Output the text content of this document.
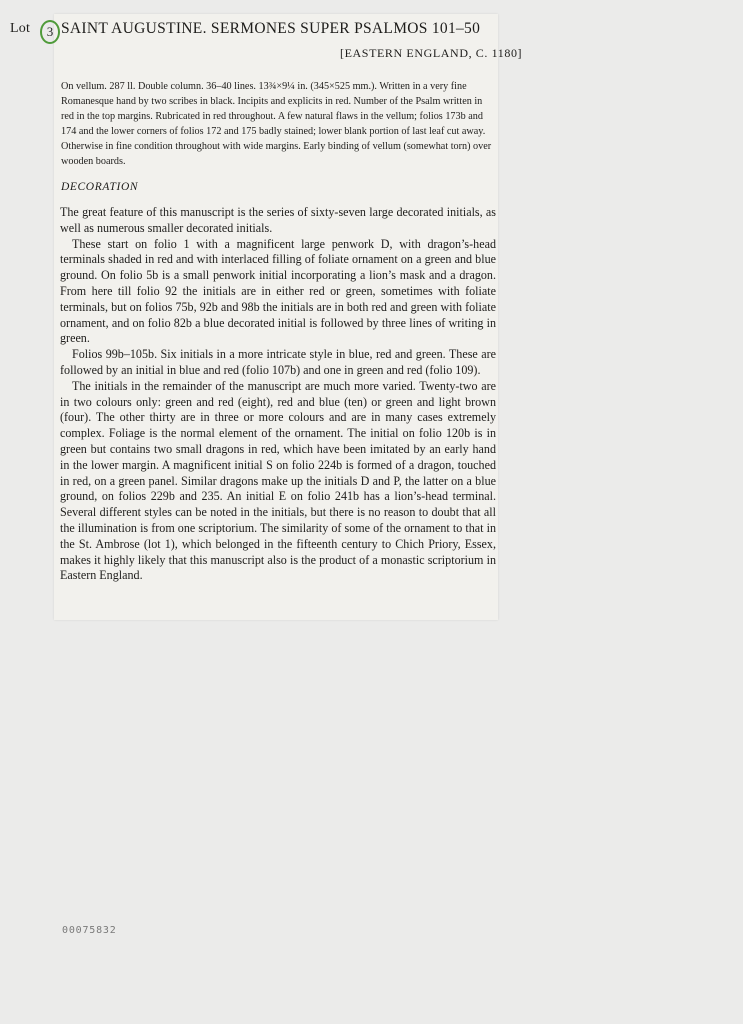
Lot	3 SAINT AUGUSTINE. SERMONES SUPER PSALMOS 101–50
[EASTERN ENGLAND, C. 1180]
On vellum. 287 ll. Double column. 36–40 lines. 13¾×9¼ in. (345×525 mm.). Written in a very fine Romanesque hand by two scribes in black. Incipits and explicits in red. Number of the Psalm written in red in the top margins. Rubricated in red throughout. A few natural flaws in the vellum; folios 173b and 174 and the lower corners of folios 172 and 175 badly stained; lower blank portion of last leaf cut away. Otherwise in fine condition throughout with wide margins. Early binding of vellum (somewhat torn) over wooden boards.
DECORATION

The great feature of this manuscript is the series of sixty-seven large decorated initials, as well as numerous smaller decorated initials.

These start on folio 1 with a magnificent large penwork D, with dragon’s-head terminals shaded in red and with interlaced filling of foliate ornament on a green and blue ground. On folio 5b is a small penwork initial incorporating a lion’s mask and a dragon. From here till folio 92 the initials are in either red or green, sometimes with foliate terminals, but on folios 75b, 92b and 98b the initials are in both red and green with foliate ornament, and on folio 82b a blue decorated initial is followed by three lines of writing in green.

Folios 99b–105b. Six initials in a more intricate style in blue, red and green. These are followed by an initial in blue and red (folio 107b) and one in green and red (folio 109).

The initials in the remainder of the manuscript are much more varied. Twenty-two are in two colours only: green and red (eight), red and blue (ten) or green and light brown (four). The other thirty are in three or more colours and are in many cases extremely complex. Foliage is the normal element of the ornament. The initial on folio 120b is in green but contains two small dragons in red, which have been imitated by an early hand in the lower margin. A magnificent initial S on folio 224b is formed of a dragon, touched in red, on a green panel. Similar dragons make up the initials D and P, the latter on a blue ground, on folios 229b and 235. An initial E on folio 241b has a lion’s-head terminal. Several different styles can be noted in the initials, but there is no reason to doubt that all the illumination is from one scriptorium. The similarity of some of the ornament to that in the St. Ambrose (lot 1), which belonged in the fifteenth century to Chich Priory, Essex, makes it highly likely that this manuscript also is the product of a monastic scriptorium in Eastern England.

00075832
